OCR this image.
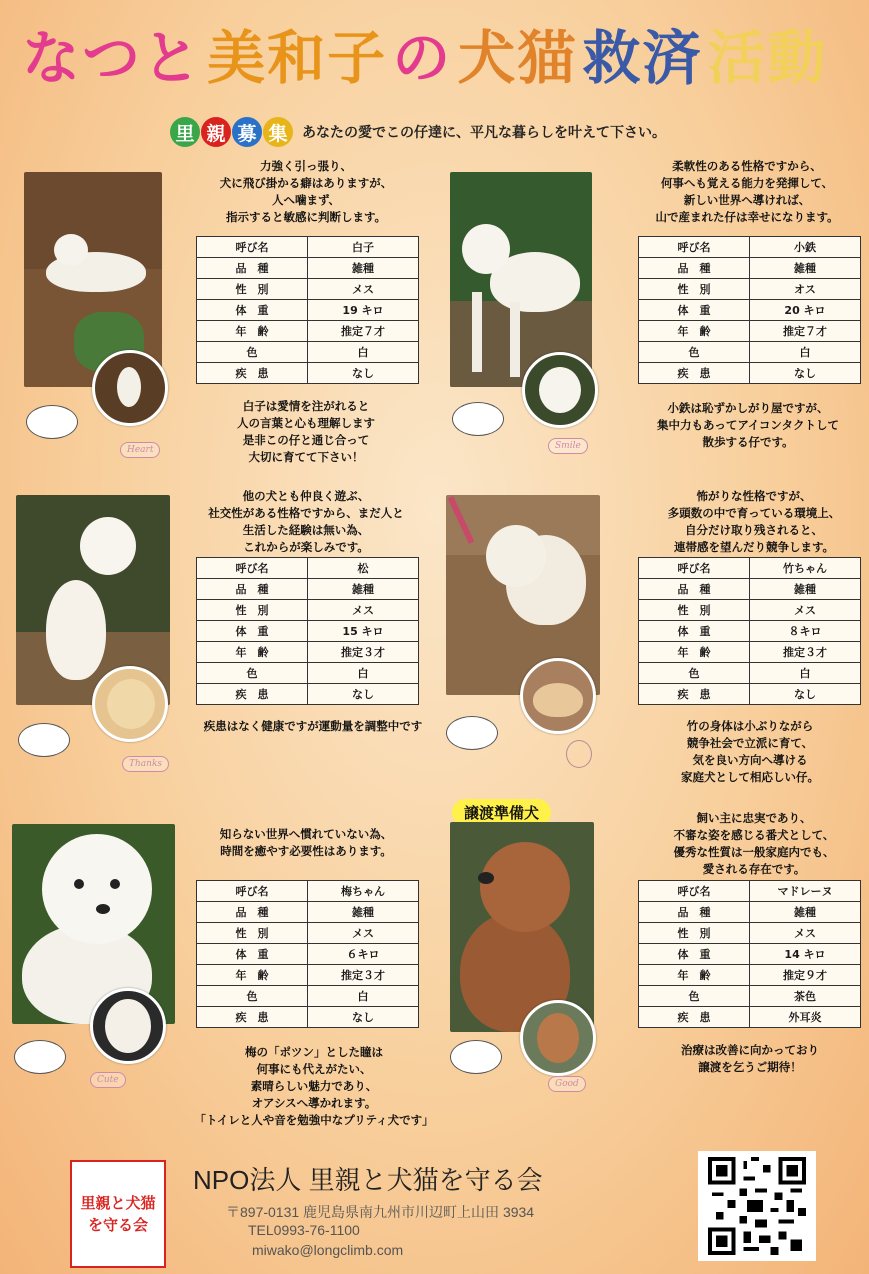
なつと 美和子 の 犬猫 救済 活動
里 親 募 集	あなたの愛でこの仔達に、平凡な暮らしを叶えて下さい。
Heart
力強く引っ張り、
犬に飛び掛かる癖はありますが、
人へ噛まず、
指示すると敏感に判断します。
呼び名	白子
品　種	雑種
性　別	メス
体　重	19 キロ
年　齢	推定７才
色	白
疾　患	なし
白子は愛情を注がれると
人の言葉と心も理解します
是非この仔と通じ合って
大切に育てて下さい！
Smile
柔軟性のある性格ですから、
何事へも覚える能力を発揮して、
新しい世界へ導ければ、
山で産まれた仔は幸せになります。
呼び名	小鉄
品　種	雑種
性　別	オス
体　重	20 キロ
年　齢	推定７才
色	白
疾　患	なし
小鉄は恥ずかしがり屋ですが、
集中力もあってアイコンタクトして
散歩する仔です。
Thanks
他の犬とも仲良く遊ぶ、
社交性がある性格ですから、まだ人と
生活した経験は無い為、
これからが楽しみです。
呼び名	松
品　種	雑種
性　別	メス
体　重	15 キロ
年　齢	推定３才
色	白
疾　患	なし
疾患はなく健康ですが運動量を調整中です
怖がりな性格ですが、
多頭数の中で育っている環境上、
自分だけ取り残されると、
連帯感を望んだり競争します。
呼び名	竹ちゃん
品　種	雑種
性　別	メス
体　重	８キロ
年　齢	推定３才
色	白
疾　患	なし
竹の身体は小ぶりながら
競争社会で立派に育て、
気を良い方向へ導ける
家庭犬として相応しい仔。
Cute
知らない世界へ慣れていない為、
時間を癒やす必要性はあります。
呼び名	梅ちゃん
品　種	雑種
性　別	メス
体　重	６キロ
年　齢	推定３才
色	白
疾　患	なし
梅の「ポツン」とした瞳は
何事にも代えがたい、
素晴らしい魅力であり、
オアシスへ導かれます。
「トイレと人や音を勉強中なプリティ犬です」
譲渡準備犬
Good
飼い主に忠実であり、
不審な姿を感じる番犬として、
優秀な性質は一般家庭内でも、
愛される存在です。
呼び名	マドレーヌ
品　種	雑種
性　別	メス
体　重	14 キロ
年　齢	推定９才
色	茶色
疾　患	外耳炎
治療は改善に向かっており
譲渡を乞うご期待！
里親と犬猫
を守る会
NPO法人 里親と犬猫を守る会
〒897-0131 鹿児島県南九州市川辺町上山田 3934
TEL0993-76-1100
miwako@longclimb.com
